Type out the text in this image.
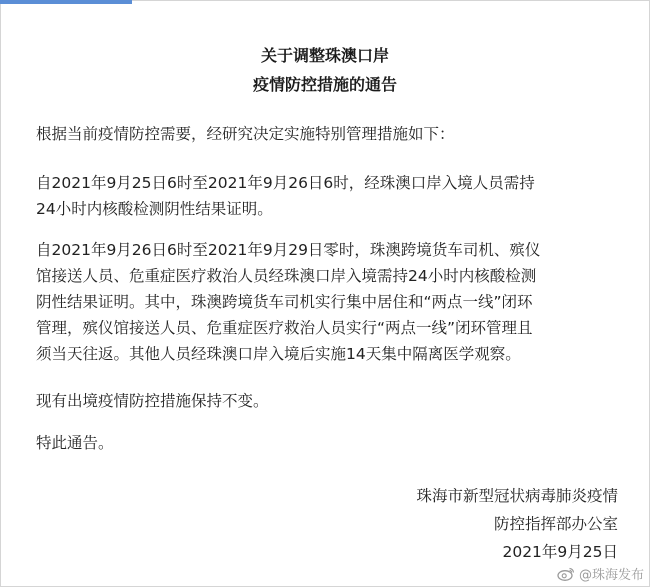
关于调整珠澳口岸
疫情防控措施的通告
根据当前疫情防控需要，经研究决定实施特别管理措施如下：
自2021年9月25日6时至2021年9月26日6时，经珠澳口岸入境人员需持
24小时内核酸检测阴性结果证明。
自2021年9月26日6时至2021年9月29日零时，珠澳跨境货车司机、殡仪
馆接送人员、危重症医疗救治人员经珠澳口岸入境需持24小时内核酸检测
阴性结果证明。其中，珠澳跨境货车司机实行集中居住和“两点一线”闭环
管理，殡仪馆接送人员、危重症医疗救治人员实行“两点一线”闭环管理且
须当天往返。其他人员经珠澳口岸入境后实施14天集中隔离医学观察。
现有出境疫情防控措施保持不变。
特此通告。
珠海市新型冠状病毒肺炎疫情
防控指挥部办公室
2021年9月25日
@珠海发布
